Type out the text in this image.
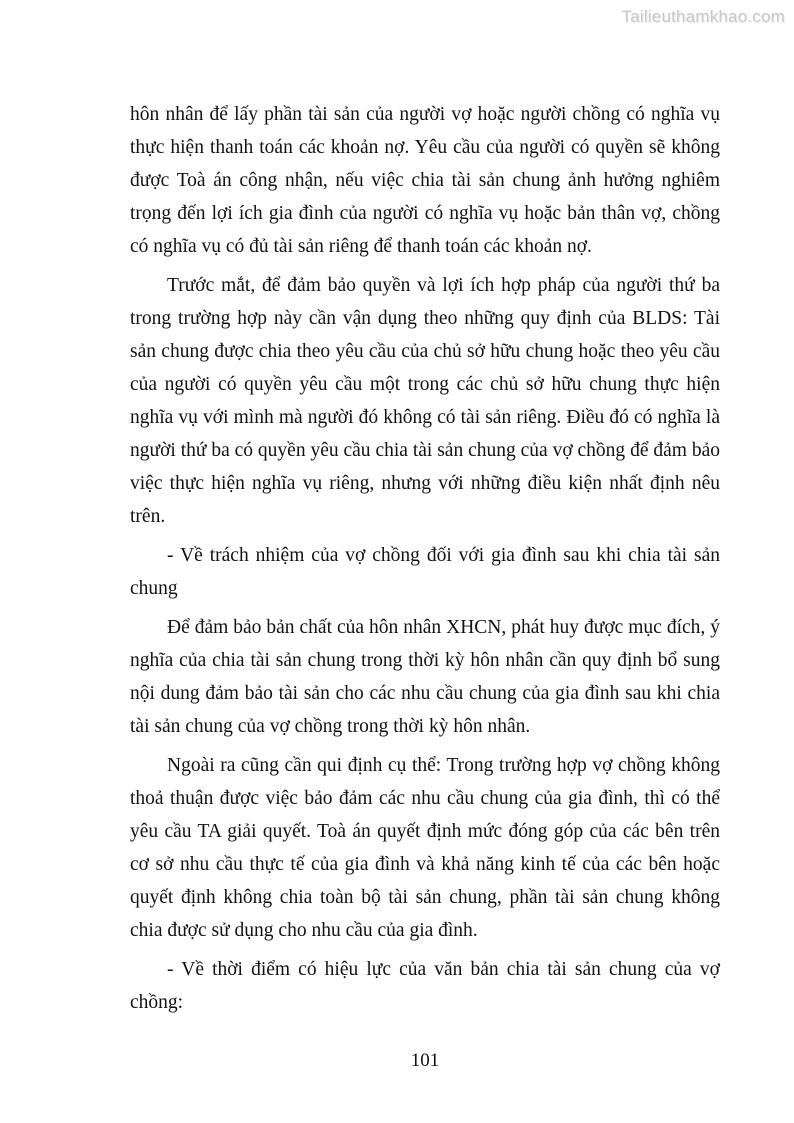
Tailieuthamkhao.com

hôn nhân để lấy phần tài sản của người vợ hoặc người chồng có nghĩa vụ thực hiện thanh toán các khoản nợ. Yêu cầu của người có quyền sẽ không được Toà án công nhận, nếu việc chia tài sản chung ảnh hưởng nghiêm trọng đến lợi ích gia đình của người có nghĩa vụ hoặc bản thân vợ, chồng có nghĩa vụ có đủ tài sản riêng để thanh toán các khoản nợ.

Trước mắt, để đảm bảo quyền và lợi ích hợp pháp của người thứ ba trong trường hợp này cần vận dụng theo những quy định của BLDS: Tài sản chung được chia theo yêu cầu của chủ sở hữu chung hoặc theo yêu cầu của người có quyền yêu cầu một trong các chủ sở hữu chung thực hiện nghĩa vụ với mình mà người đó không có tài sản riêng. Điều đó có nghĩa là người thứ ba có quyền yêu cầu chia tài sản chung của vợ chồng để đảm bảo việc thực hiện nghĩa vụ riêng, nhưng với những điều kiện nhất định nêu trên.

- Về trách nhiệm của vợ chồng đối với gia đình sau khi chia tài sản chung

Để đảm bảo bản chất của hôn nhân XHCN, phát huy được mục đích, ý nghĩa của chia tài sản chung trong thời kỳ hôn nhân cần quy định bổ sung nội dung đảm bảo tài sản cho các nhu cầu chung của gia đình sau khi chia tài sản chung của vợ chồng trong thời kỳ hôn nhân.

Ngoài ra cũng cần qui định cụ thể: Trong trường hợp vợ chồng không thoả thuận được việc bảo đảm các nhu cầu chung của gia đình, thì có thể yêu cầu TA giải quyết. Toà án quyết định mức đóng góp của các bên trên cơ sở nhu cầu thực tế của gia đình và khả năng kinh tế của các bên hoặc quyết định không chia toàn bộ tài sản chung, phần tài sản chung không chia được sử dụng cho nhu cầu của gia đình.

- Về thời điểm có hiệu lực của văn bản chia tài sản chung của vợ chồng:

101
